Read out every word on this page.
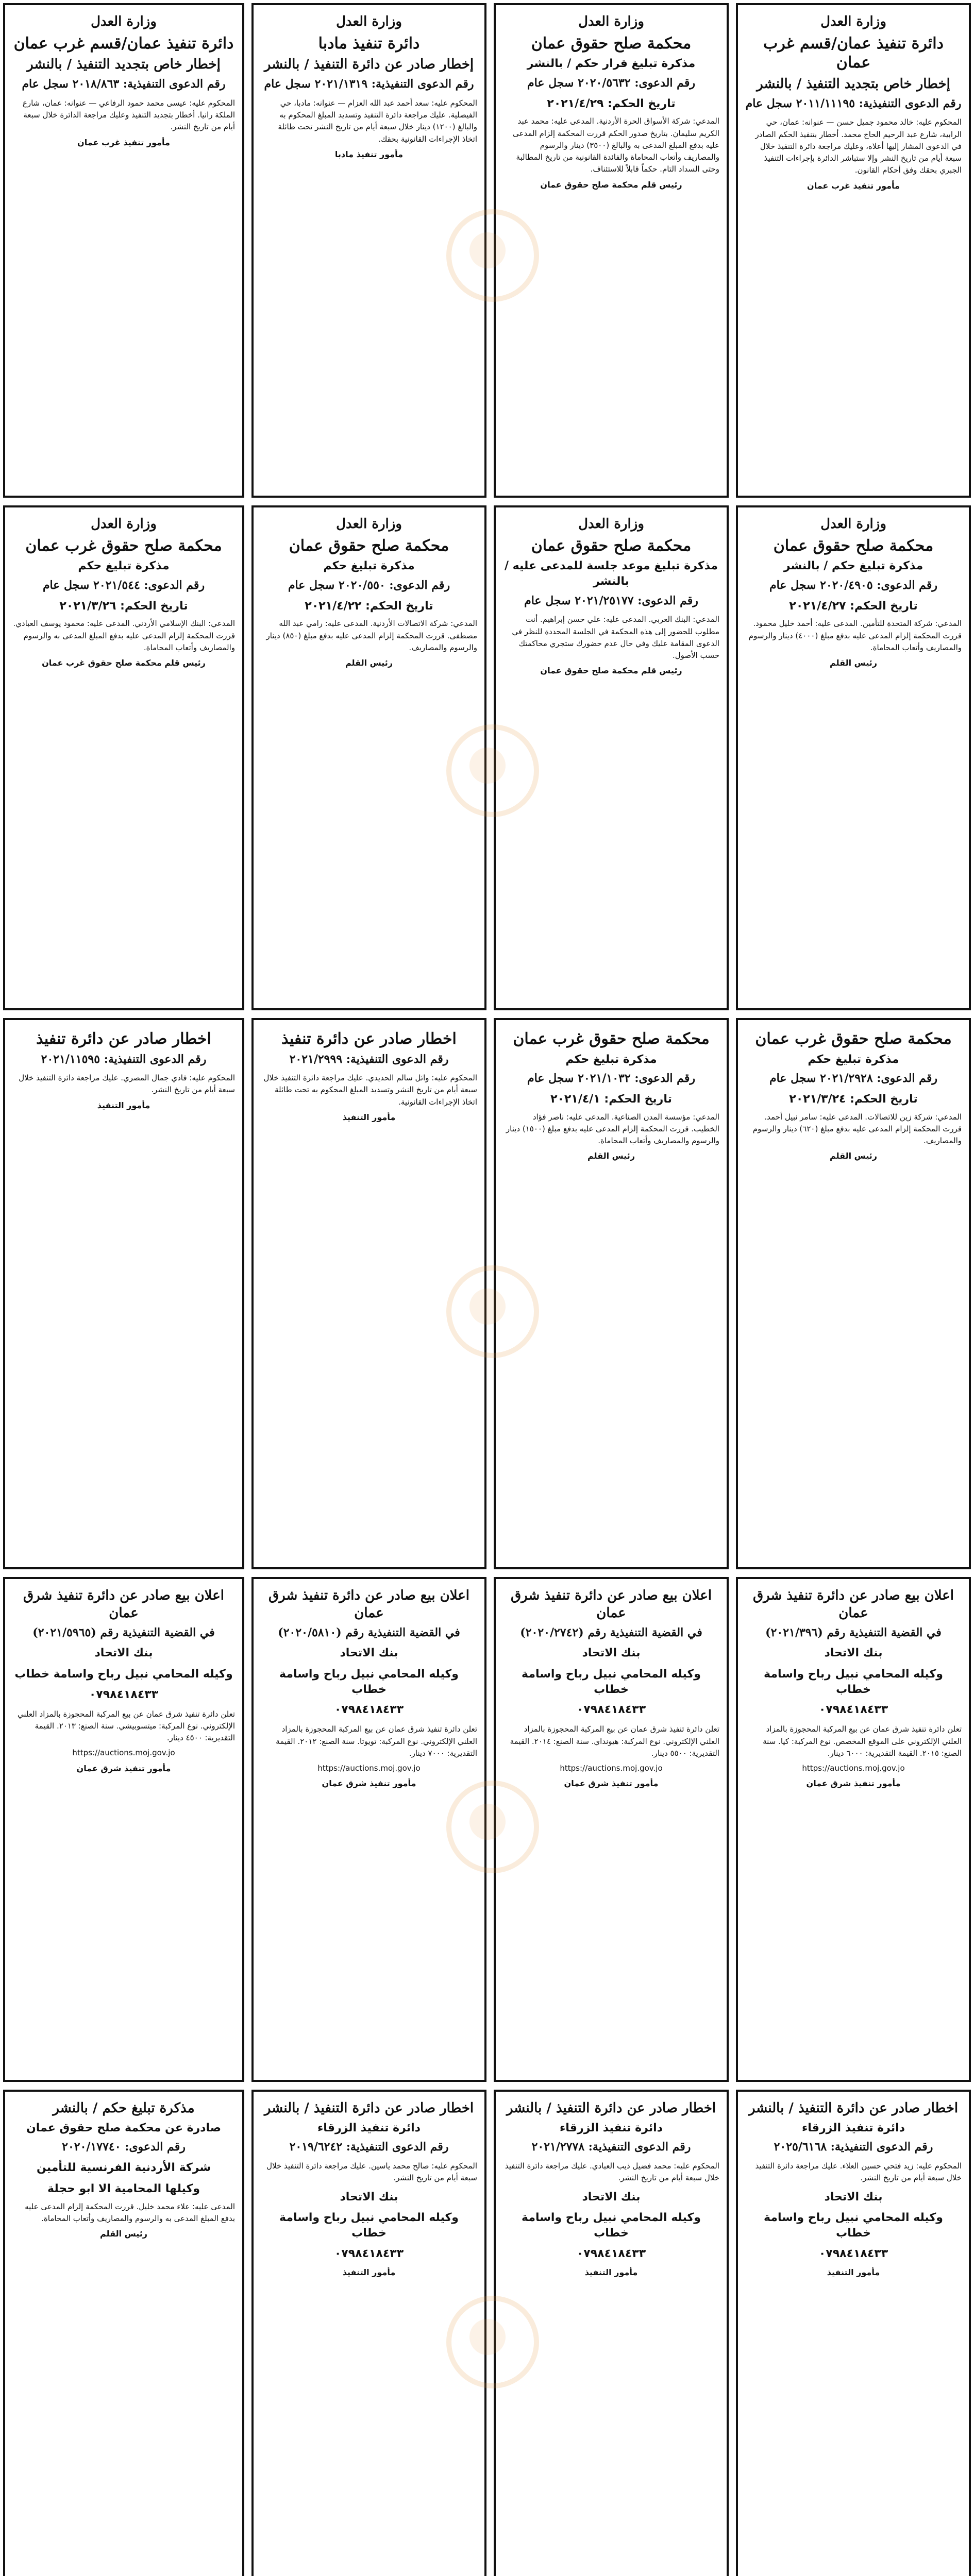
وزارة العدل
دائرة تنفيذ عمان/قسم غرب عمان
إخطار خاص بتجديد التنفيذ / بالنشر
رقم الدعوى التنفيذية: ٢٠١١/١١١٩٥ سجل عام
المحكوم عليه: خالد محمود جميل حسن — عنوانه: عمان، حي الرابية، شارع عبد الرحيم الحاج محمد. أخطار بتنفيذ الحكم الصادر في الدعوى المشار إليها أعلاه، وعليك مراجعة دائرة التنفيذ خلال سبعة أيام من تاريخ النشر وإلا ستباشر الدائرة بإجراءات التنفيذ الجبري بحقك وفق أحكام القانون.
مأمور تنفيذ غرب عمان
وزارة العدل
محكمة صلح حقوق عمان
مذكرة تبليغ قرار حكم / بالنشر
رقم الدعوى: ٢٠٢٠/٥٦٣٢ سجل عام
تاريخ الحكم: ٢٠٢١/٤/٢٩
المدعي: شركة الأسواق الحرة الأردنية. المدعى عليه: محمد عبد الكريم سليمان. بتاريخ صدور الحكم قررت المحكمة إلزام المدعى عليه بدفع المبلغ المدعى به والبالغ (٣٥٠٠) دينار والرسوم والمصاريف وأتعاب المحاماة والفائدة القانونية من تاريخ المطالبة وحتى السداد التام. حكماً قابلاً للاستئناف.
رئيس قلم محكمة صلح حقوق عمان
وزارة العدل
دائرة تنفيذ مادبا
إخطار صادر عن دائرة التنفيذ / بالنشر
رقم الدعوى التنفيذية: ٢٠٢١/١٣١٩ سجل عام
المحكوم عليه: سعد أحمد عبد الله العزام — عنوانه: مادبا، حي الفيصلية. عليك مراجعة دائرة التنفيذ وتسديد المبلغ المحكوم به والبالغ (١٢٠٠) دينار خلال سبعة أيام من تاريخ النشر تحت طائلة اتخاذ الإجراءات القانونية بحقك.
مأمور تنفيذ مادبا
وزارة العدل
دائرة تنفيذ عمان/قسم غرب عمان
إخطار خاص بتجديد التنفيذ / بالنشر
رقم الدعوى التنفيذية: ٢٠١٨/٨٦٣ سجل عام
المحكوم عليه: عيسى محمد حمود الرفاعي — عنوانه: عمان، شارع الملكة رانيا. أخطار بتجديد التنفيذ وعليك مراجعة الدائرة خلال سبعة أيام من تاريخ النشر.
مأمور تنفيذ غرب عمان
وزارة العدل
محكمة صلح حقوق عمان
مذكرة تبليغ حكم / بالنشر
رقم الدعوى: ٢٠٢٠/٤٩٠٥ سجل عام
تاريخ الحكم: ٢٠٢١/٤/٢٧
المدعي: شركة المتحدة للتأمين. المدعى عليه: أحمد خليل محمود. قررت المحكمة إلزام المدعى عليه بدفع مبلغ (٤٠٠٠) دينار والرسوم والمصاريف وأتعاب المحاماة.
رئيس القلم
وزارة العدل
محكمة صلح حقوق عمان
مذكرة تبليغ موعد جلسة للمدعى عليه / بالنشر
رقم الدعوى: ٢٠٢١/٢٥١٧٧ سجل عام
المدعي: البنك العربي. المدعى عليه: علي حسن إبراهيم. أنت مطلوب للحضور إلى هذه المحكمة في الجلسة المحددة للنظر في الدعوى المقامة عليك وفي حال عدم حضورك ستجري محاكمتك حسب الأصول.
رئيس قلم محكمة صلح حقوق عمان
وزارة العدل
محكمة صلح حقوق عمان
مذكرة تبليغ حكم
رقم الدعوى: ٢٠٢٠/٥٥٠ سجل عام
تاريخ الحكم: ٢٠٢١/٤/٢٢
المدعي: شركة الاتصالات الأردنية. المدعى عليه: رامي عبد الله مصطفى. قررت المحكمة إلزام المدعى عليه بدفع مبلغ (٨٥٠) دينار والرسوم والمصاريف.
رئيس القلم
وزارة العدل
محكمة صلح حقوق غرب عمان
مذكرة تبليغ حكم
رقم الدعوى: ٢٠٢١/٥٤٤ سجل عام
تاريخ الحكم: ٢٠٢١/٣/٢٦
المدعي: البنك الإسلامي الأردني. المدعى عليه: محمود يوسف العبادي. قررت المحكمة إلزام المدعى عليه بدفع المبلغ المدعى به والرسوم والمصاريف وأتعاب المحاماة.
رئيس قلم محكمة صلح حقوق غرب عمان
محكمة صلح حقوق غرب عمان
مذكرة تبليغ حكم
رقم الدعوى: ٢٠٢١/٢٩٢٨ سجل عام
تاريخ الحكم: ٢٠٢١/٣/٢٤
المدعي: شركة زين للاتصالات. المدعى عليه: سامر نبيل أحمد. قررت المحكمة إلزام المدعى عليه بدفع مبلغ (٦٢٠) دينار والرسوم والمصاريف.
رئيس القلم
محكمة صلح حقوق غرب عمان
مذكرة تبليغ حكم
رقم الدعوى: ٢٠٢١/١٠٣٢ سجل عام
تاريخ الحكم: ٢٠٢١/٤/١
المدعي: مؤسسة المدن الصناعية. المدعى عليه: ناصر فؤاد الخطيب. قررت المحكمة إلزام المدعى عليه بدفع مبلغ (١٥٠٠) دينار والرسوم والمصاريف وأتعاب المحاماة.
رئيس القلم
اخطار صادر عن دائرة تنفيذ
رقم الدعوى التنفيذية: ٢٠٢١/٢٩٩٩
المحكوم عليه: وائل سالم الحديدي. عليك مراجعة دائرة التنفيذ خلال سبعة أيام من تاريخ النشر وتسديد المبلغ المحكوم به تحت طائلة اتخاذ الإجراءات القانونية.
مأمور التنفيذ
اخطار صادر عن دائرة تنفيذ
رقم الدعوى التنفيذية: ٢٠٢١/١١٥٩٥
المحكوم عليه: فادي جمال المصري. عليك مراجعة دائرة التنفيذ خلال سبعة أيام من تاريخ النشر.
مأمور التنفيذ
اعلان بيع صادر عن دائرة تنفيذ شرق عمان
في القضية التنفيذية رقم (٢٠٢١/٣٩٦)
بنك الاتحاد
وكيله المحامي نبيل رباح واسامة خطاب
٠٧٩٨٤١٨٤٣٣
تعلن دائرة تنفيذ شرق عمان عن بيع المركبة المحجوزة بالمزاد العلني الإلكتروني على الموقع المخصص. نوع المركبة: كيا. سنة الصنع: ٢٠١٥. القيمة التقديرية: ٦٠٠٠ دينار.
https://auctions.moj.gov.jo
مأمور تنفيذ شرق عمان
اعلان بيع صادر عن دائرة تنفيذ شرق عمان
في القضية التنفيذية رقم (٢٠٢٠/٢٧٤٢)
بنك الاتحاد
وكيله المحامي نبيل رباح واسامة خطاب
٠٧٩٨٤١٨٤٣٣
تعلن دائرة تنفيذ شرق عمان عن بيع المركبة المحجوزة بالمزاد العلني الإلكتروني. نوع المركبة: هيونداي. سنة الصنع: ٢٠١٤. القيمة التقديرية: ٥٥٠٠ دينار.
https://auctions.moj.gov.jo
مأمور تنفيذ شرق عمان
اعلان بيع صادر عن دائرة تنفيذ شرق عمان
في القضية التنفيذية رقم (٢٠٢٠/٥٨١٠)
بنك الاتحاد
وكيله المحامي نبيل رباح واسامة خطاب
٠٧٩٨٤١٨٤٣٣
تعلن دائرة تنفيذ شرق عمان عن بيع المركبة المحجوزة بالمزاد العلني الإلكتروني. نوع المركبة: تويوتا. سنة الصنع: ٢٠١٢. القيمة التقديرية: ٧٠٠٠ دينار.
https://auctions.moj.gov.jo
مأمور تنفيذ شرق عمان
اعلان بيع صادر عن دائرة تنفيذ شرق عمان
في القضية التنفيذية رقم (٢٠٢١/٥٩٦٥)
بنك الاتحاد
وكيله المحامي نبيل رباح واسامة خطاب
٠٧٩٨٤١٨٤٣٣
تعلن دائرة تنفيذ شرق عمان عن بيع المركبة المحجوزة بالمزاد العلني الإلكتروني. نوع المركبة: ميتسوبيشي. سنة الصنع: ٢٠١٣. القيمة التقديرية: ٤٥٠٠ دينار.
https://auctions.moj.gov.jo
مأمور تنفيذ شرق عمان
اخطار صادر عن دائرة التنفيذ / بالنشر
دائرة تنفيذ الزرقاء
رقم الدعوى التنفيذية: ٢٠٢٥/٦١٦٨
المحكوم عليه: زيد فتحي حسين العلاء. عليك مراجعة دائرة التنفيذ خلال سبعة أيام من تاريخ النشر.
بنك الاتحاد
وكيله المحامي نبيل رباح واسامة خطاب
٠٧٩٨٤١٨٤٣٣
مأمور التنفيذ
اخطار صادر عن دائرة التنفيذ / بالنشر
دائرة تنفيذ الزرقاء
رقم الدعوى التنفيذية: ٢٠٢١/٢٧٧٨
المحكوم عليه: محمد فضيل ذيب العبادي. عليك مراجعة دائرة التنفيذ خلال سبعة أيام من تاريخ النشر.
بنك الاتحاد
وكيله المحامي نبيل رباح واسامة خطاب
٠٧٩٨٤١٨٤٣٣
مأمور التنفيذ
اخطار صادر عن دائرة التنفيذ / بالنشر
دائرة تنفيذ الزرقاء
رقم الدعوى التنفيذية: ٢٠١٩/٦٢٤٢
المحكوم عليه: صالح محمد ياسين. عليك مراجعة دائرة التنفيذ خلال سبعة أيام من تاريخ النشر.
بنك الاتحاد
وكيله المحامي نبيل رباح واسامة خطاب
٠٧٩٨٤١٨٤٣٣
مأمور التنفيذ
مذكرة تبليغ حكم / بالنشر
صادرة عن محكمة صلح حقوق عمان
رقم الدعوى: ٢٠٢٠/١٧٧٤٠
شركة الأردنية الفرنسية للتأمين
وكيلها المحامية الا ابو حجلة
المدعى عليه: علاء محمد خليل. قررت المحكمة إلزام المدعى عليه بدفع المبلغ المدعى به والرسوم والمصاريف وأتعاب المحاماة.
رئيس القلم
